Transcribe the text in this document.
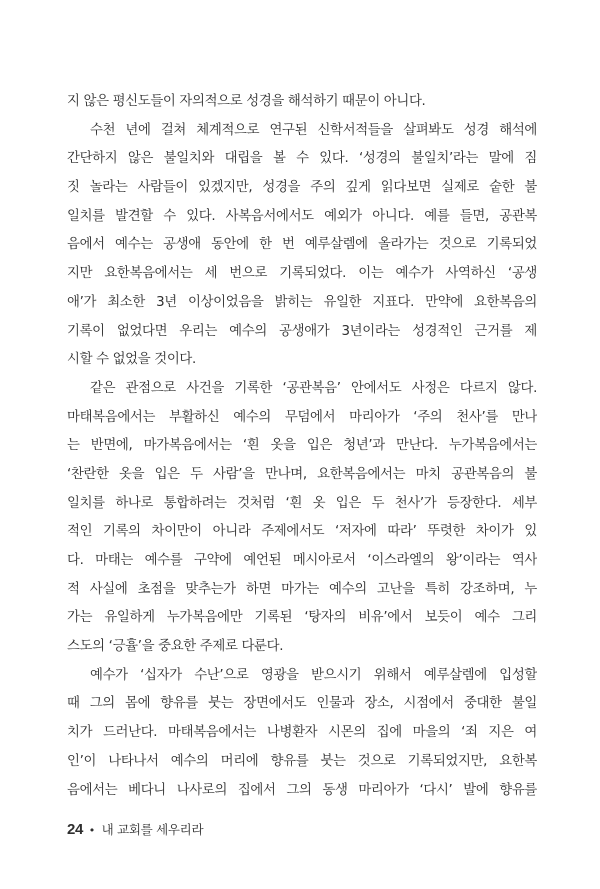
지 않은 평신도들이 자의적으로 성경을 해석하기 때문이 아니다.
수천 년에 걸쳐 체계적으로 연구된 신학서적들을 살펴봐도 성경 해석에
간단하지 않은 불일치와 대립을 볼 수 있다. ‘성경의 불일치’라는 말에 짐
짓 놀라는 사람들이 있겠지만, 성경을 주의 깊게 읽다보면 실제로 숱한 불
일치를 발견할 수 있다. 사복음서에서도 예외가 아니다. 예를 들면, 공관복
음에서 예수는 공생애 동안에 한 번 예루살렘에 올라가는 것으로 기록되었
지만 요한복음에서는 세 번으로 기록되었다. 이는 예수가 사역하신 ‘공생
애’가 최소한 3년 이상이었음을 밝히는 유일한 지표다. 만약에 요한복음의
기록이 없었다면 우리는 예수의 공생애가 3년이라는 성경적인 근거를 제
시할 수 없었을 것이다.
같은 관점으로 사건을 기록한 ‘공관복음’ 안에서도 사정은 다르지 않다.
마태복음에서는 부활하신 예수의 무덤에서 마리아가 ‘주의 천사’를 만나
는 반면에, 마가복음에서는 ‘흰 옷을 입은 청년’과 만난다. 누가복음에서는
‘찬란한 옷을 입은 두 사람’을 만나며, 요한복음에서는 마치 공관복음의 불
일치를 하나로 통합하려는 것처럼 ‘흰 옷 입은 두 천사’가 등장한다. 세부
적인 기록의 차이만이 아니라 주제에서도 ‘저자에 따라’ 뚜렷한 차이가 있
다. 마태는 예수를 구약에 예언된 메시아로서 ‘이스라엘의 왕’이라는 역사
적 사실에 초점을 맞추는가 하면 마가는 예수의 고난을 특히 강조하며, 누
가는 유일하게 누가복음에만 기록된 ‘탕자의 비유’에서 보듯이 예수 그리
스도의 ‘긍휼’을 중요한 주제로 다룬다.
예수가 ‘십자가 수난’으로 영광을 받으시기 위해서 예루살렘에 입성할
때 그의 몸에 향유를 붓는 장면에서도 인물과 장소, 시점에서 중대한 불일
치가 드러난다. 마태복음에서는 나병환자 시몬의 집에 마을의 ‘죄 지은 여
인’이 나타나서 예수의 머리에 향유를 붓는 것으로 기록되었지만, 요한복
음에서는 베다니 나사로의 집에서 그의 동생 마리아가 ‘다시’ 발에 향유를
24 • 내 교회를 세우리라
